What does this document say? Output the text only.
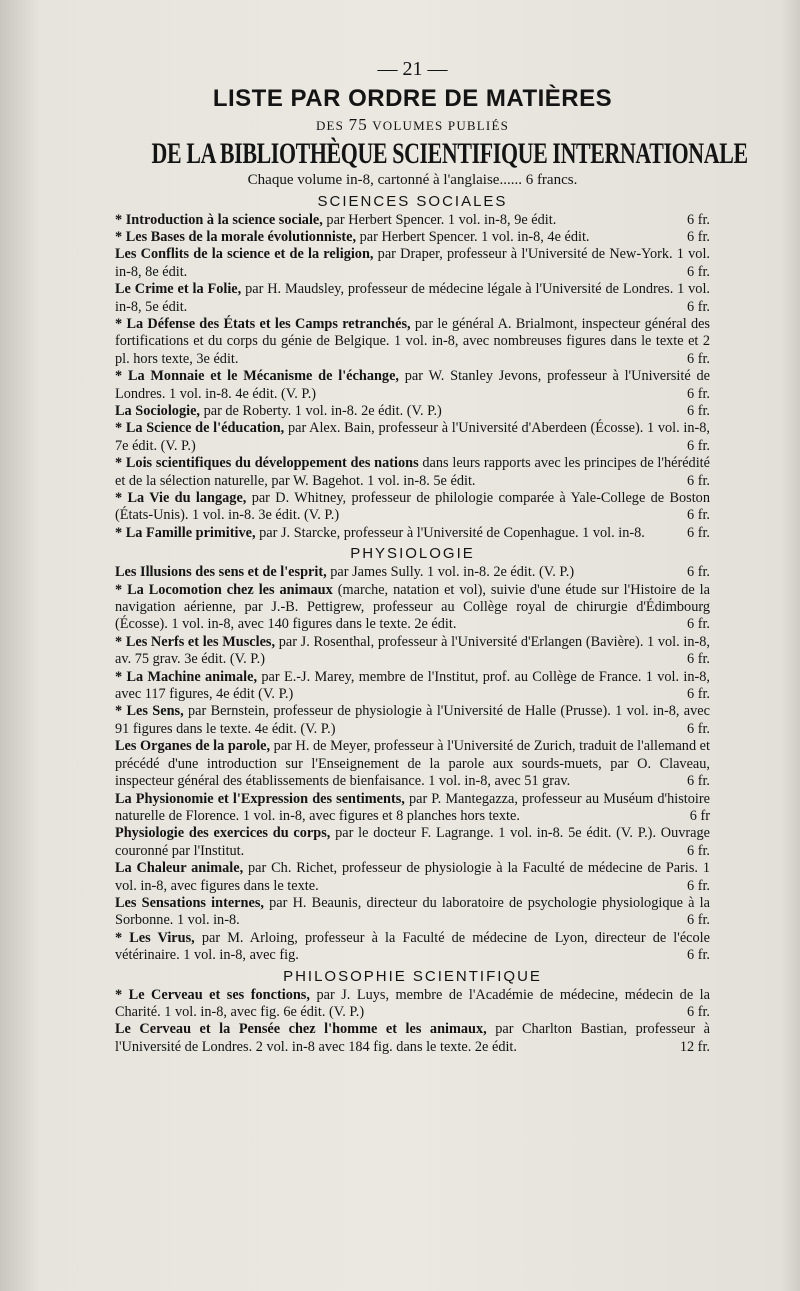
— 21 —
LISTE PAR ORDRE DE MATIÈRES
DES 75 VOLUMES PUBLIÉS
DE LA BIBLIOTHÈQUE SCIENTIFIQUE INTERNATIONALE
Chaque volume in-8, cartonné à l'anglaise...... 6 francs.
SCIENCES SOCIALES
* Introduction à la science sociale, par Herbert Spencer. 1 vol. in-8, 9e édit.	6 fr.
* Les Bases de la morale évolutionniste, par Herbert Spencer. 1 vol. in-8, 4e édit.	6 fr.
Les Conflits de la science et de la religion, par Draper, professeur à l'Université de New-York. 1 vol. in-8, 8e édit.	6 fr.
Le Crime et la Folie, par H. Maudsley, professeur de médecine légale à l'Université de Londres. 1 vol. in-8, 5e édit.	6 fr.
* La Défense des États et les Camps retranchés, par le général A. Brialmont, inspecteur général des fortifications et du corps du génie de Belgique. 1 vol. in-8, avec nombreuses figures dans le texte et 2 pl. hors texte, 3e édit.	6 fr.
* La Monnaie et le Mécanisme de l'échange, par W. Stanley Jevons, professeur à l'Université de Londres. 1 vol. in-8. 4e édit. (V. P.)	6 fr.
La Sociologie, par de Roberty. 1 vol. in-8. 2e édit. (V. P.)	6 fr.
* La Science de l'éducation, par Alex. Bain, professeur à l'Université d'Aberdeen (Écosse). 1 vol. in-8, 7e édit. (V. P.)	6 fr.
* Lois scientifiques du développement des nations dans leurs rapports avec les principes de l'hérédité et de la sélection naturelle, par W. Bagehot. 1 vol. in-8. 5e édit.	6 fr.
* La Vie du langage, par D. Whitney, professeur de philologie comparée à Yale-College de Boston (États-Unis). 1 vol. in-8. 3e édit. (V. P.)	6 fr.
* La Famille primitive, par J. Starcke, professeur à l'Université de Copenhague. 1 vol. in-8.	6 fr.
PHYSIOLOGIE
Les Illusions des sens et de l'esprit, par James Sully. 1 vol. in-8. 2e édit. (V. P.)	6 fr.
* La Locomotion chez les animaux (marche, natation et vol), suivie d'une étude sur l'Histoire de la navigation aérienne, par J.-B. Pettigrew, professeur au Collège royal de chirurgie d'Édimbourg (Écosse). 1 vol. in-8, avec 140 figures dans le texte. 2e édit.	6 fr.
* Les Nerfs et les Muscles, par J. Rosenthal, professeur à l'Université d'Erlangen (Bavière). 1 vol. in-8, av. 75 grav. 3e édit. (V. P.)	6 fr.
* La Machine animale, par E.-J. Marey, membre de l'Institut, prof. au Collège de France. 1 vol. in-8, avec 117 figures, 4e édit (V. P.)	6 fr.
* Les Sens, par Bernstein, professeur de physiologie à l'Université de Halle (Prusse). 1 vol. in-8, avec 91 figures dans le texte. 4e édit. (V. P.)	6 fr.
Les Organes de la parole, par H. de Meyer, professeur à l'Université de Zurich, traduit de l'allemand et précédé d'une introduction sur l'Enseignement de la parole aux sourds-muets, par O. Claveau, inspecteur général des établissements de bienfaisance. 1 vol. in-8, avec 51 grav.	6 fr.
La Physionomie et l'Expression des sentiments, par P. Mantegazza, professeur au Muséum d'histoire naturelle de Florence. 1 vol. in-8, avec figures et 8 planches hors texte.	6 fr
Physiologie des exercices du corps, par le docteur F. Lagrange. 1 vol. in-8. 5e édit. (V. P.). Ouvrage couronné par l'Institut.	6 fr.
La Chaleur animale, par Ch. Richet, professeur de physiologie à la Faculté de médecine de Paris. 1 vol. in-8, avec figures dans le texte.	6 fr.
Les Sensations internes, par H. Beaunis, directeur du laboratoire de psychologie physiologique à la Sorbonne. 1 vol. in-8.	6 fr.
* Les Virus, par M. Arloing, professeur à la Faculté de médecine de Lyon, directeur de l'école vétérinaire. 1 vol. in-8, avec fig.	6 fr.
PHILOSOPHIE SCIENTIFIQUE
* Le Cerveau et ses fonctions, par J. Luys, membre de l'Académie de médecine, médecin de la Charité. 1 vol. in-8, avec fig. 6e édit. (V. P.)	6 fr.
Le Cerveau et la Pensée chez l'homme et les animaux, par Charlton Bastian, professeur à l'Université de Londres. 2 vol. in-8 avec 184 fig. dans le texte. 2e édit.	12 fr.
